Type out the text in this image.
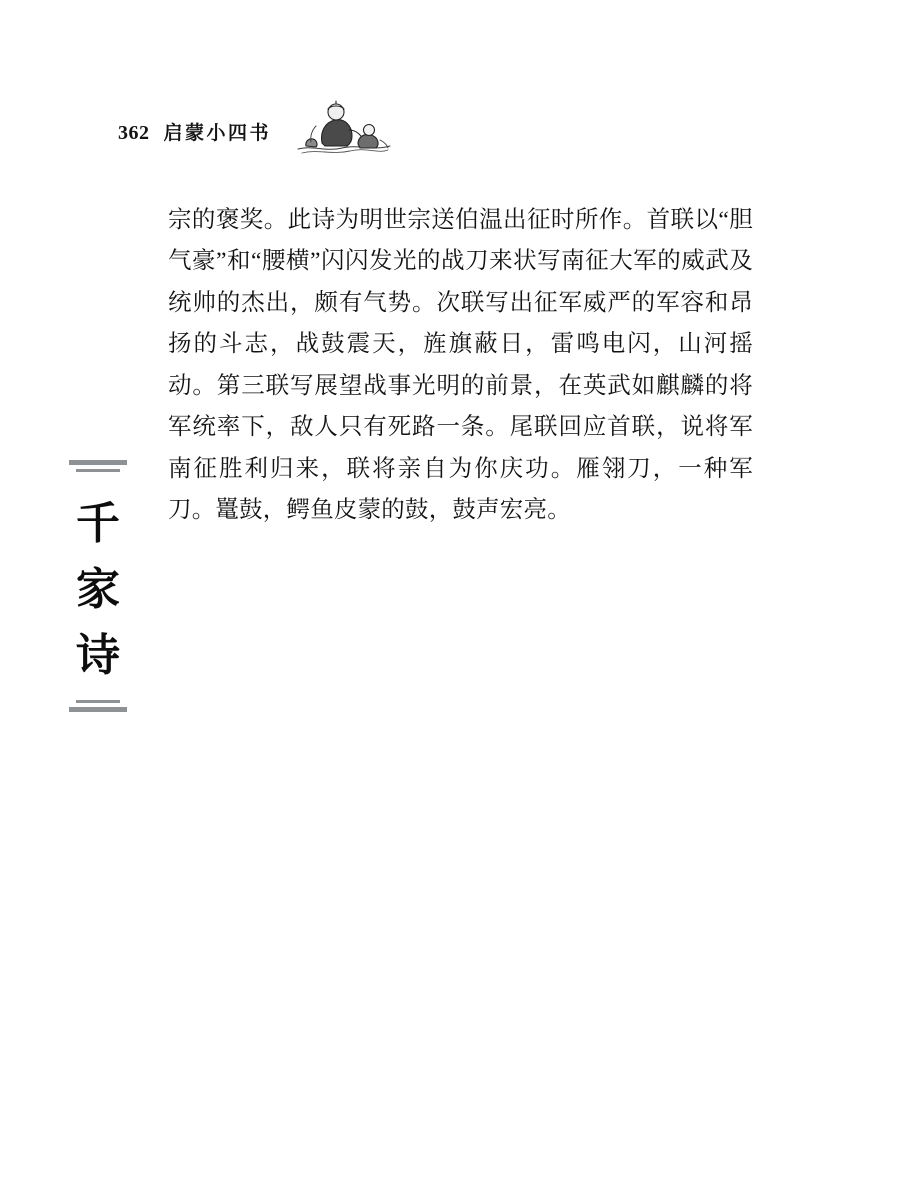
362 启蒙小四书

宗的褒奖。此诗为明世宗送伯温出征时所作。首联以“胆气豪”和“腰横”闪闪发光的战刀来状写南征大军的威武及统帅的杰出，颇有气势。次联写出征军威严的军容和昂扬的斗志，战鼓震天，旌旗蔽日，雷鸣电闪，山河摇动。第三联写展望战事光明的前景，在英武如麒麟的将军统率下，敌人只有死路一条。尾联回应首联，说将军南征胜利归来，联将亲自为你庆功。雁翎刀，一种军刀。鼍鼓，鳄鱼皮蒙的鼓，鼓声宏亮。

千
家
诗
